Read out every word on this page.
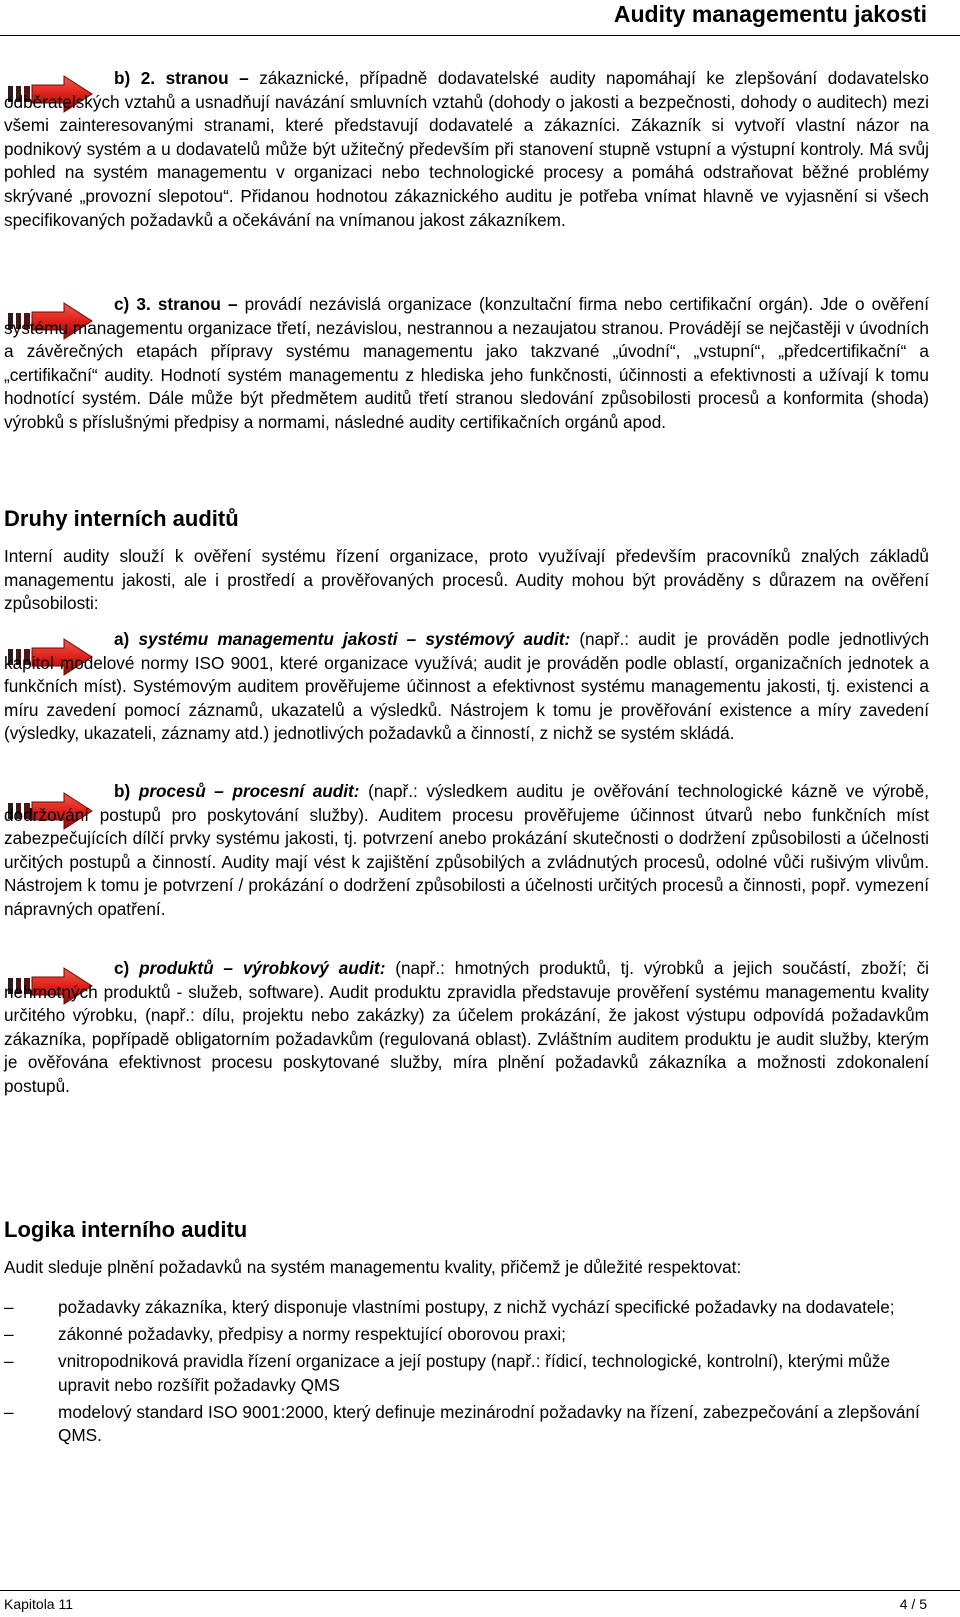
Audity managementu jakosti
b) 2. stranou – zákaznické, případně dodavatelské audity napomáhají ke zlepšování dodavatelsko odběratelských vztahů a usnadňují navázání smluvních vztahů (dohody o jakosti a bezpečnosti, dohody o auditech) mezi všemi zainteresovanými stranami, které představují dodavatelé a zákazníci. Zákazník si vytvoří vlastní názor na podnikový systém a u dodavatelů může být užitečný především při stanovení stupně vstupní a výstupní kontroly. Má svůj pohled na systém managementu v organizaci nebo technologické procesy a pomáhá odstraňovat běžné problémy skrývané „provozní slepotou“. Přidanou hodnotou zákaznického auditu je potřeba vnímat hlavně ve vyjasnění si všech specifikovaných požadavků a očekávání na vnímanou jakost zákazníkem.
c) 3. stranou – provádí nezávislá organizace (konzultační firma nebo certifikační orgán). Jde o ověření systému managementu organizace třetí, nezávislou, nestrannou a nezaujatou stranou. Provádějí se nejčastěji v úvodních a závěrečných etapách přípravy systému managementu jako takzvané „úvodní“, „vstupní“, „předcertifikační“ a „certifikační“ audity. Hodnotí systém managementu z hlediska jeho funkčnosti, účinnosti a efektivnosti a užívají k tomu hodnotící systém. Dále může být předmětem auditů třetí stranou sledování způsobilosti procesů a konformita (shoda) výrobků s příslušnými předpisy a normami, následné audity certifikačních orgánů apod.
Druhy interních auditů
Interní audity slouží k ověření systému řízení organizace, proto využívají především pracovníků znalých základů managementu jakosti, ale i prostředí a prověřovaných procesů. Audity mohou být prováděny s důrazem na ověření způsobilosti:
a) systému managementu jakosti – systémový audit: (např.: audit je prováděn podle jednotlivých kapitol modelové normy ISO 9001, které organizace využívá; audit je prováděn podle oblastí, organizačních jednotek a funkčních míst). Systémovým auditem prověřujeme účinnost a efektivnost systému managementu jakosti, tj. existenci a míru zavedení pomocí záznamů, ukazatelů a výsledků. Nástrojem k tomu je prověřování existence a míry zavedení (výsledky, ukazateli, záznamy atd.) jednotlivých požadavků a činností, z nichž se systém skládá.
b) procesů – procesní audit: (např.: výsledkem auditu je ověřování technologické kázně ve výrobě, dodržování postupů pro poskytování služby). Auditem procesu prověřujeme účinnost útvarů nebo funkčních míst zabezpečujících dílčí prvky systému jakosti, tj. potvrzení anebo prokázání skutečnosti o dodržení způsobilosti a účelnosti určitých postupů a činností. Audity mají vést k zajištění způsobilých a zvládnutých procesů, odolné vůči rušivým vlivům. Nástrojem k tomu je potvrzení / prokázání o dodržení způsobilosti a účelnosti určitých procesů a činnosti, popř. vymezení nápravných opatření.
c) produktů – výrobkový audit: (např.: hmotných produktů, tj. výrobků a jejich součástí, zboží; či nehmotných produktů - služeb, software). Audit produktu zpravidla představuje prověření systému managementu kvality určitého výrobku, (např.: dílu, projektu nebo zakázky) za účelem prokázání, že jakost výstupu odpovídá požadavkům zákazníka, popřípadě obligatorním požadavkům (regulovaná oblast). Zvláštním auditem produktu je audit služby, kterým je ověřována efektivnost procesu poskytované služby, míra plnění požadavků zákazníka a možnosti zdokonalení postupů.
Logika interního auditu
Audit sleduje plnění požadavků na systém managementu kvality, přičemž je důležité respektovat:
–	požadavky zákazníka, který disponuje vlastními postupy, z nichž vychází specifické požadavky na dodavatele;
–	zákonné požadavky, předpisy a normy respektující oborovou praxi;
–	vnitropodniková pravidla řízení organizace a její postupy (např.: řídicí, technologické, kontrolní), kterými může upravit nebo rozšířit požadavky QMS
–	modelový standard ISO 9001:2000, který definuje mezinárodní požadavky na řízení, zabezpečování a zlepšování QMS.
Kapitola 11	4 / 5
